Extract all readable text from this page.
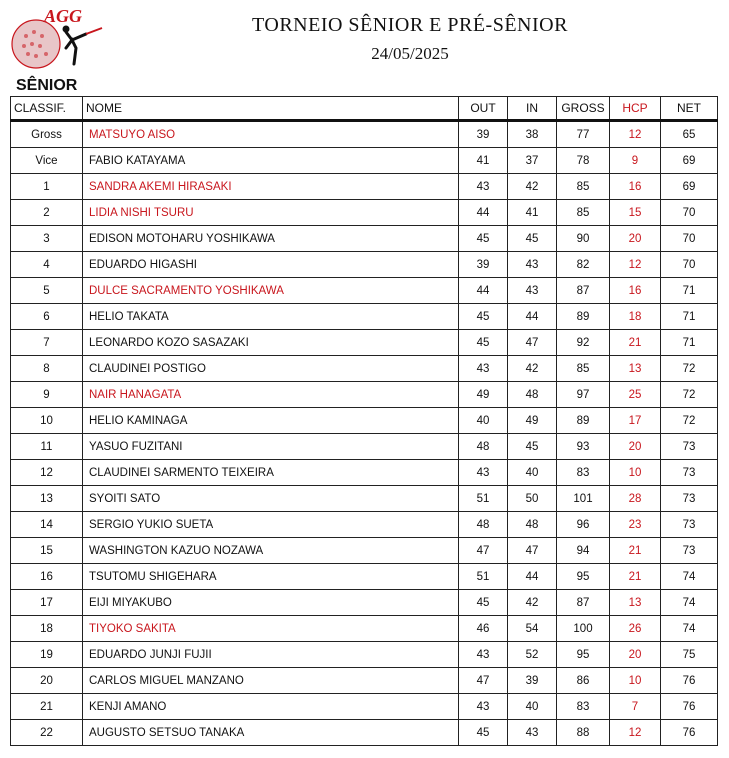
AGG	TORNEIO SÊNIOR E PRÉ-SÊNIOR
24/05/2025
SÊNIOR
CLASSIF.	NOME	OUT	IN	GROSS	HCP	NET
Gross	MATSUYO AISO	39	38	77	12	65
Vice	FABIO KATAYAMA	41	37	78	9	69
1	SANDRA AKEMI HIRASAKI	43	42	85	16	69
2	LIDIA NISHI TSURU	44	41	85	15	70
3	EDISON MOTOHARU YOSHIKAWA	45	45	90	20	70
4	EDUARDO HIGASHI	39	43	82	12	70
5	DULCE SACRAMENTO YOSHIKAWA	44	43	87	16	71
6	HELIO TAKATA	45	44	89	18	71
7	LEONARDO KOZO SASAZAKI	45	47	92	21	71
8	CLAUDINEI POSTIGO	43	42	85	13	72
9	NAIR HANAGATA	49	48	97	25	72
10	HELIO KAMINAGA	40	49	89	17	72
11	YASUO FUZITANI	48	45	93	20	73
12	CLAUDINEI SARMENTO TEIXEIRA	43	40	83	10	73
13	SYOITI SATO	51	50	101	28	73
14	SERGIO YUKIO SUETA	48	48	96	23	73
15	WASHINGTON KAZUO NOZAWA	47	47	94	21	73
16	TSUTOMU SHIGEHARA	51	44	95	21	74
17	EIJI MIYAKUBO	45	42	87	13	74
18	TIYOKO SAKITA	46	54	100	26	74
19	EDUARDO JUNJI FUJII	43	52	95	20	75
20	CARLOS MIGUEL MANZANO	47	39	86	10	76
21	KENJI AMANO	43	40	83	7	76
22	AUGUSTO SETSUO TANAKA	45	43	88	12	76
